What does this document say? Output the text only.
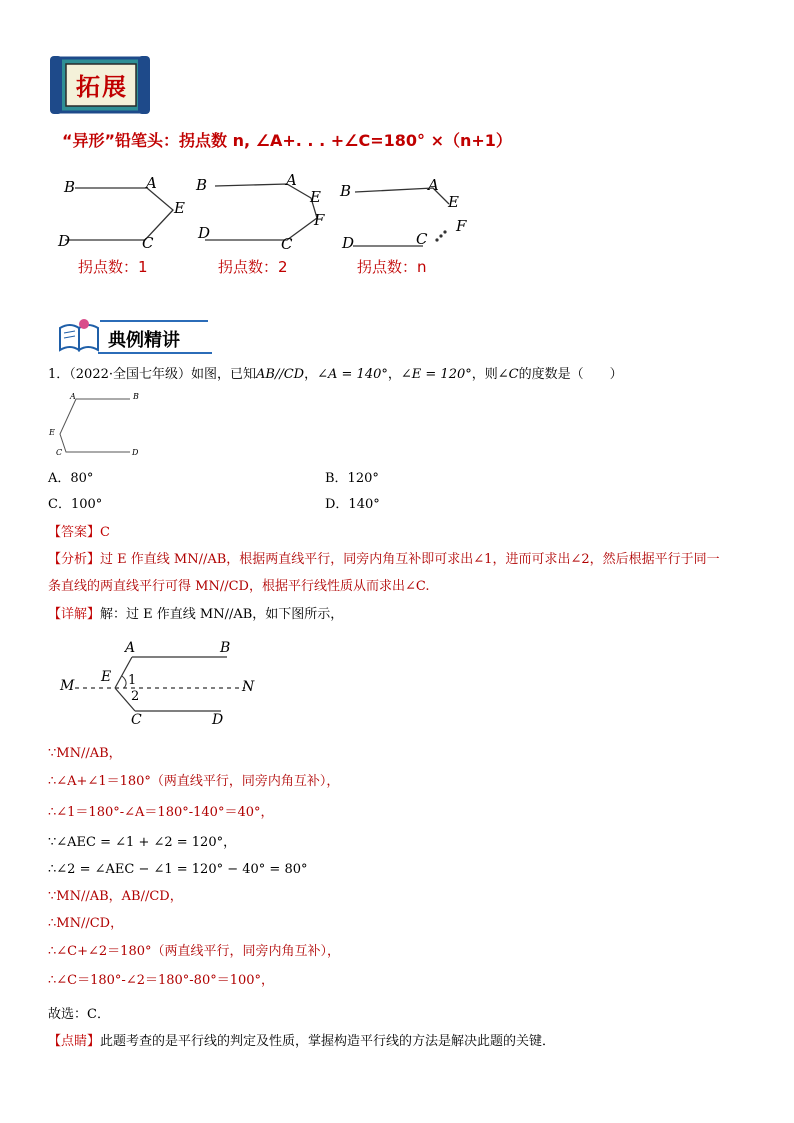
拓展
“异形”铅笔头：拐点数 n, ∠A+. . . +∠C=180° ×（n+1）
B	A
E
D	C
B	A
E
F
D
C
B	A
E
F
D	C
拐点数：1	拐点数：2	拐点数：n
典例精讲
1．（2022·全国七年级）如图，已知AB//CD，∠A = 140°，∠E = 120°，则∠C的度数是（　　）
A	B
E
C	D
A．80°	B．120°
C．100°	D．140°
【答案】C
【分析】过 E 作直线 MN//AB，根据两直线平行，同旁内角互补即可求出∠1，进而可求出∠2，然后根据平行于同一
条直线的两直线平行可得 MN//CD，根据平行线性质从而求出∠C.
【详解】解：过 E 作直线 MN//AB，如下图所示，
A	B
M
E
N
1
2
C	D
∵MN//AB，
∴∠A+∠1＝180°（两直线平行，同旁内角互补），
∴∠1＝180°-∠A＝180°-140°＝40°，
∵∠AEC = ∠1 + ∠2 = 120°，
∴∠2 = ∠AEC − ∠1 = 120° − 40° = 80°
∵MN//AB，AB//CD，
∴MN//CD，
∴∠C+∠2＝180°（两直线平行，同旁内角互补），
∴∠C＝180°-∠2＝180°-80°＝100°，
故选：C．
【点睛】此题考查的是平行线的判定及性质，掌握构造平行线的方法是解决此题的关键．
